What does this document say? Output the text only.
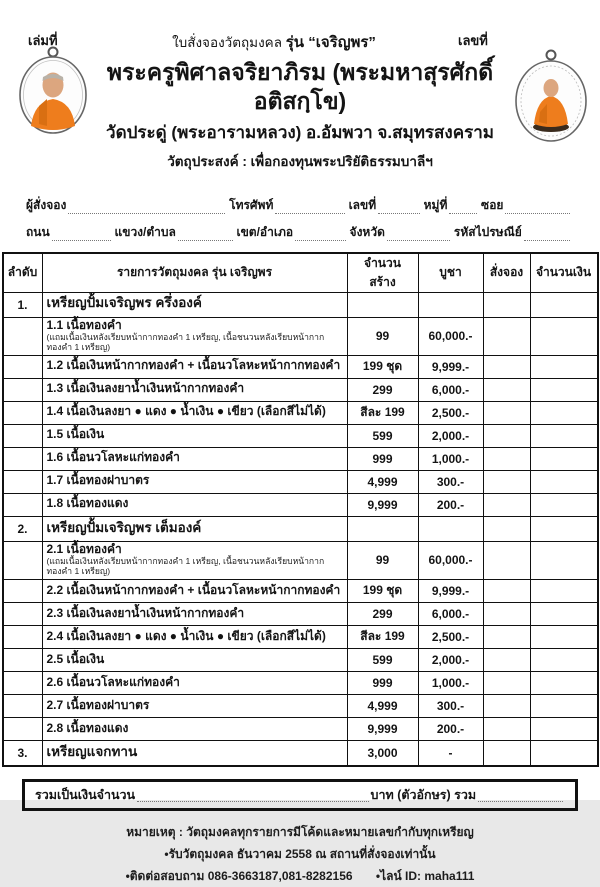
เล่มที่	ใบสั่งจองวัตถุมงคล รุ่น “เจริญพร”	เลขที่
พระครูพิศาลจริยาภิรม (พระมหาสุรศักดิ์ อติสกฺโข)
วัดประดู่ (พระอารามหลวง) อ.อัมพวา จ.สมุทรสงคราม
วัตถุประสงค์ : เพื่อกองทุนพระปริยัติธรรมบาลีฯ
ผู้สั่งจอง	โทรศัพท์	เลขที่	หมู่ที่	ซอย
ถนน	แขวง/ตำบล	เขต/อำเภอ	จังหวัด	รหัสไปรษณีย์
ลำดับ	รายการวัตถุมงคล รุ่น เจริญพร	จำนวนสร้าง	บูชา	สั่งจอง	จำนวนเงิน
1.	เหรียญปั้มเจริญพร ครึ่งองค์

	1.1 เนื้อทองคำ
(แถมเนื้อเงินหลังเรียบหน้ากากทองคำ 1 เหรียญ, เนื้อชนวนหลังเรียบหน้ากากทองคำ 1 เหรียญ)	99	60,000.-		
	1.2 เนื้อเงินหน้ากากทองคำ + เนื้อนวโลหะหน้ากากทองคำ	199 ชุด	9,999.-		
	1.3 เนื้อเงินลงยาน้ำเงินหน้ากากทองคำ	299	6,000.-		
	1.4 เนื้อเงินลงยา ● แดง ● น้ำเงิน ● เขียว (เลือกสีไม่ได้)	สีละ 199	2,500.-		
	1.5 เนื้อเงิน	599	2,000.-		
	1.6 เนื้อนวโลหะแก่ทองคำ	999	1,000.-		
	1.7 เนื้อทองฝาบาตร	4,999	300.-		
	1.8 เนื้อทองแดง	9,999	200.-		
2.	เหรียญปั้มเจริญพร เต็มองค์

	2.1 เนื้อทองคำ
(แถมเนื้อเงินหลังเรียบหน้ากากทองคำ 1 เหรียญ, เนื้อชนวนหลังเรียบหน้ากากทองคำ 1 เหรียญ)	99	60,000.-		
	2.2 เนื้อเงินหน้ากากทองคำ + เนื้อนวโลหะหน้ากากทองคำ	199 ชุด	9,999.-		
	2.3 เนื้อเงินลงยาน้ำเงินหน้ากากทองคำ	299	6,000.-		
	2.4 เนื้อเงินลงยา ● แดง ● น้ำเงิน ● เขียว (เลือกสีไม่ได้)	สีละ 199	2,500.-		
	2.5 เนื้อเงิน	599	2,000.-		
	2.6 เนื้อนวโลหะแก่ทองคำ	999	1,000.-		
	2.7 เนื้อทองฝาบาตร	4,999	300.-		
	2.8 เนื้อทองแดง	9,999	200.-		
3.	เหรียญแจกทาน	3,000	-		
รวมเป็นเงินจำนวน	บาท (ตัวอักษร) รวม
หมายเหตุ : วัตถุมงคลทุกรายการมีโค้ดและหมายเลขกำกับทุกเหรียญ
•รับวัตถุมงคล ธันวาคม 2558 ณ สถานที่สั่งจองเท่านั้น
•ติดต่อสอบถาม 086-3663187,081-8282156 •ไลน์ ID: maha111
